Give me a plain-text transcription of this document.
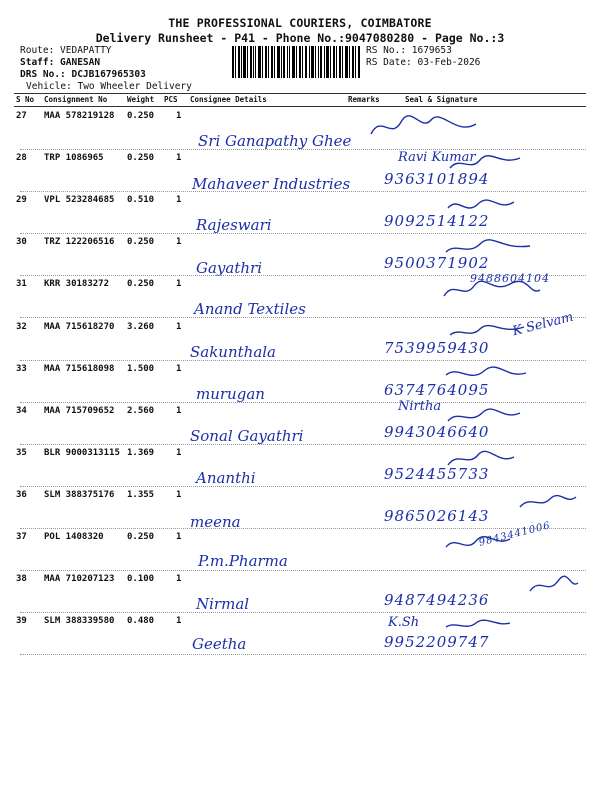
THE PROFESSIONAL COURIERS, COIMBATORE
Delivery Runsheet - P41 - Phone No.:9047080280 - Page No.:3
Route: VEDAPATTY
Staff: GANESAN
DRS No.: DCJB167965303
Vehicle: Two Wheeler Delivery
RS No.: 1679653
RS Date: 03-Feb-2026
S No Consignment No	Weight PCS Consignee Details	Remarks	Seal & Signature
27 MAA 578219128 0.250 1
Sri Ganapathy Ghee
28 TRP 1086965	0.250 1
Mahaveer Industries 9363101894
Ravi Kumar
29 VPL 523284685 0.510 1
Rajeswari	9092514122
30 TRZ 122206516 0.250 1
Gayathri	9500371902
31 KRR 30183272 0.250 1
Anand Textiles
9488604104
32 MAA 715618270 3.260 1
Sakunthala	7539959430
K Selvam
33 MAA 715618098 1.500 1
murugan	6374764095
34 MAA 715709652 2.560 1
Sonal Gayathri	9943046640
Nirtha
35 BLR 9000313115 1.369 1
Ananthi	9524455733
36 SLM 388375176 1.355 1
meena	9865026143
37 POL 1408320	0.250 1
P.m.Pharma
9843441006
38 MAA 710207123 0.100 1
Nirmal	9487494236
39 SLM 388339580 0.480 1
Geetha	9952209747
K.Sh
